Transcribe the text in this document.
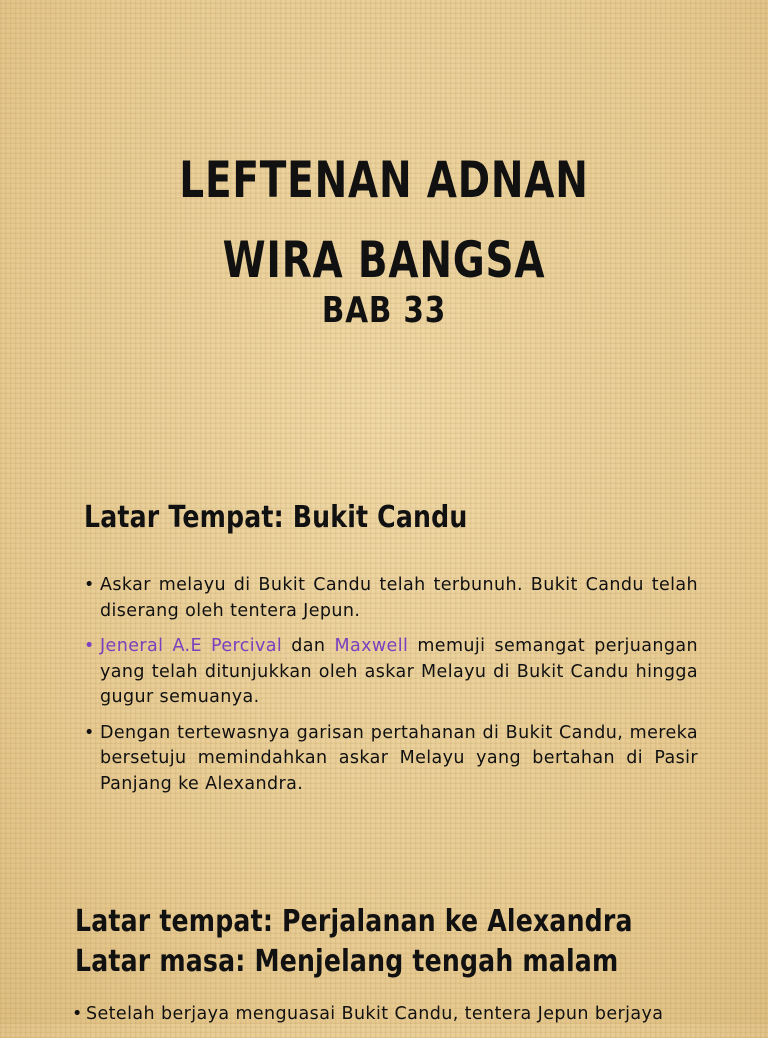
LEFTENAN ADNAN
WIRA BANGSA
BAB 33
Latar Tempat: Bukit Candu
• Askar melayu di Bukit Candu telah terbunuh. Bukit Candu telah diserang oleh tentera Jepun.
• Jeneral A.E Percival dan Maxwell memuji semangat perjuangan yang telah ditunjukkan oleh askar Melayu di Bukit Candu hingga gugur semuanya.
• Dengan tertewasnya garisan pertahanan di Bukit Candu, mereka bersetuju memindahkan askar Melayu yang bertahan di Pasir Panjang ke Alexandra.
Latar tempat: Perjalanan ke Alexandra
Latar masa: Menjelang tengah malam
• Setelah berjaya menguasai Bukit Candu, tentera Jepun berjaya
